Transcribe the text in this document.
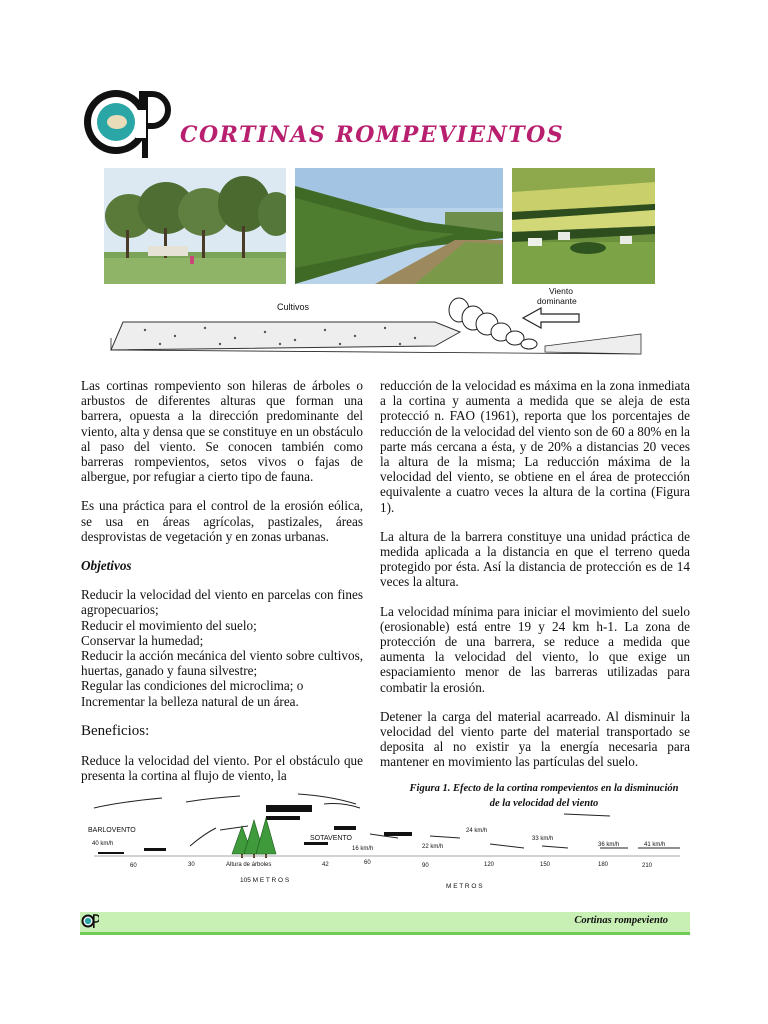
CORTINAS ROMPEVIENTOS
Cultivos
Viento
dominante

Las cortinas rompeviento son hileras de árboles o arbustos de diferentes alturas que forman una barrera, opuesta a la dirección predominante del viento, alta y densa que se constituye en un obstáculo al paso del viento. Se conocen también como barreras rompevientos, setos vivos o fajas de albergue, por refugiar a cierto tipo de fauna.

Es una práctica para el control de la erosión eólica, se usa en áreas agrícolas, pastizales, áreas desprovistas de vegetación y en zonas urbanas.

Objetivos

Reducir la velocidad del viento en parcelas con fines agropecuarios;

Reducir el movimiento del suelo;

Conservar la humedad;

Reducir la acción mecánica del viento sobre cultivos, huertas, ganado y fauna silvestre;

Regular las condiciones del microclima; o

Incrementar la belleza natural de un área.

Beneficios:

Reduce la velocidad del viento. Por el obstáculo que presenta la cortina al flujo de viento, la

reducción de la velocidad es máxima en la zona inmediata a la cortina y aumenta a medida que se aleja de esta protecció n. FAO (1961), reporta que los porcentajes de reducción de la velocidad del viento son de 60 a 80% en la parte más cercana a ésta, y de 20% a distancias 20 veces la altura de la misma; La reducción máxima de la velocidad del viento, se obtiene en el área de protección equivalente a cuatro veces la altura de la cortina (Figura 1).

La altura de la barrera constituye una unidad práctica de medida aplicada a la distancia en que el terreno queda protegido por ésta. Así la distancia de protección es de 14 veces la altura.

La velocidad mínima para iniciar el movimiento del suelo (erosionable) está entre 19 y 24 km h-1. La zona de protección de una barrera, se reduce a medida que aumenta la velocidad del viento, lo que exige un espaciamiento menor de las barreras utilizadas para combatir la erosión.

Detener la carga del material acarreado. Al disminuir la velocidad del viento parte del material transportado se deposita al no existir ya la energía necesaria para mantener en movimiento las partículas del suelo.

Figura 1. Efecto de la cortina rompevientos en la disminución
de la velocidad del viento
BARLOVENTO
SOTAVENTO
Altura de árboles
105 M E T R O S
M E T R O S
40 km/h
16 km/h	22 km/h
24 km/h
33 km/h
36 km/h	41 km/h
60	30	42	60	90	120	150	180	210
Cortinas rompeviento
